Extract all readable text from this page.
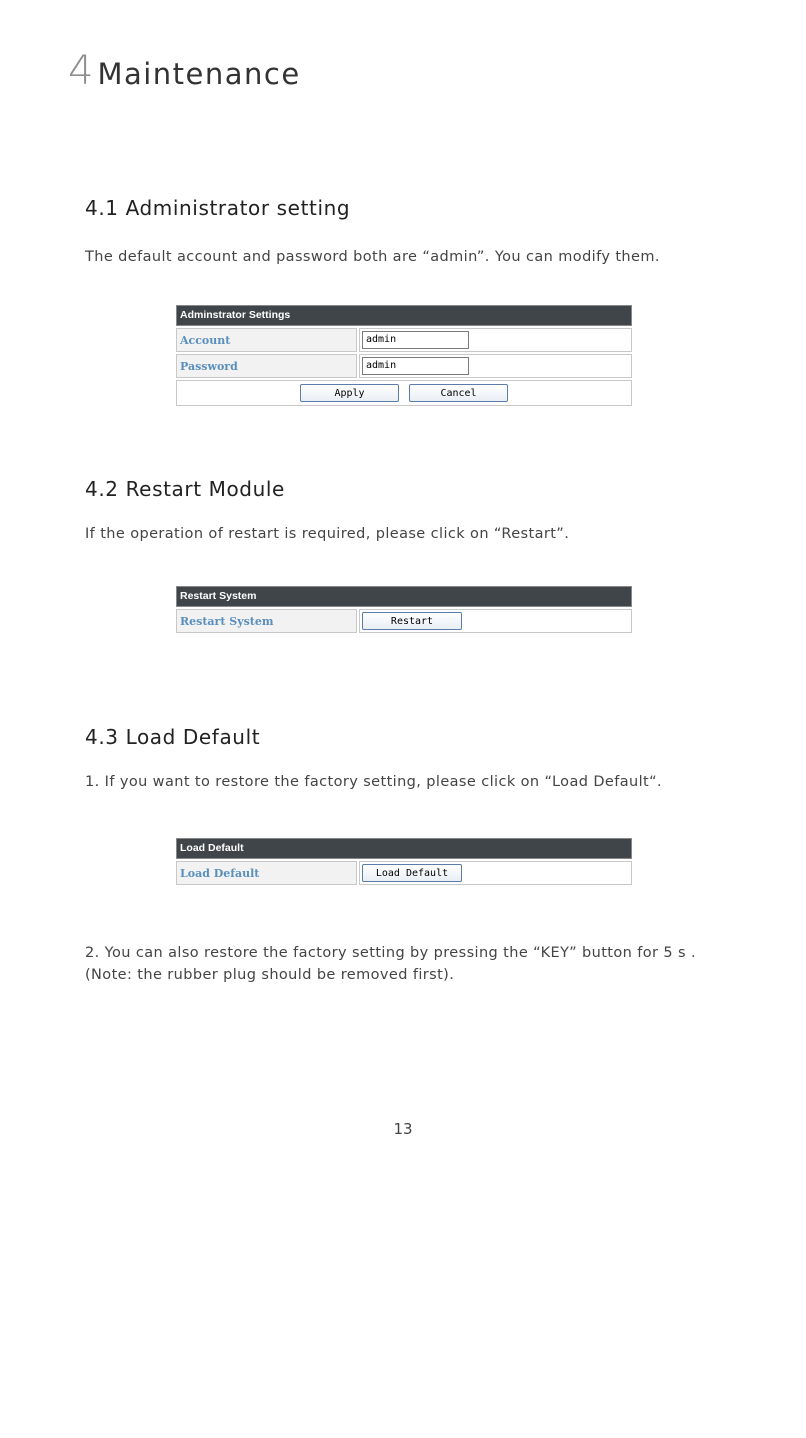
4 Maintenance
4.1 Administrator setting
The default account and password both are “admin”. You can modify them.
Adminstrator Settings
Account	admin
Password	admin
Apply	Cancel
4.2 Restart Module
If the operation of restart is required, please click on “Restart”.
Restart System
Restart System	Restart
4.3 Load Default
1. If you want to restore the factory setting, please click on “Load Default“.
Load Default
Load Default	Load Default
2. You can also restore the factory setting by pressing the “KEY” button for 5 s .
(Note: the rubber plug should be removed first).
13
